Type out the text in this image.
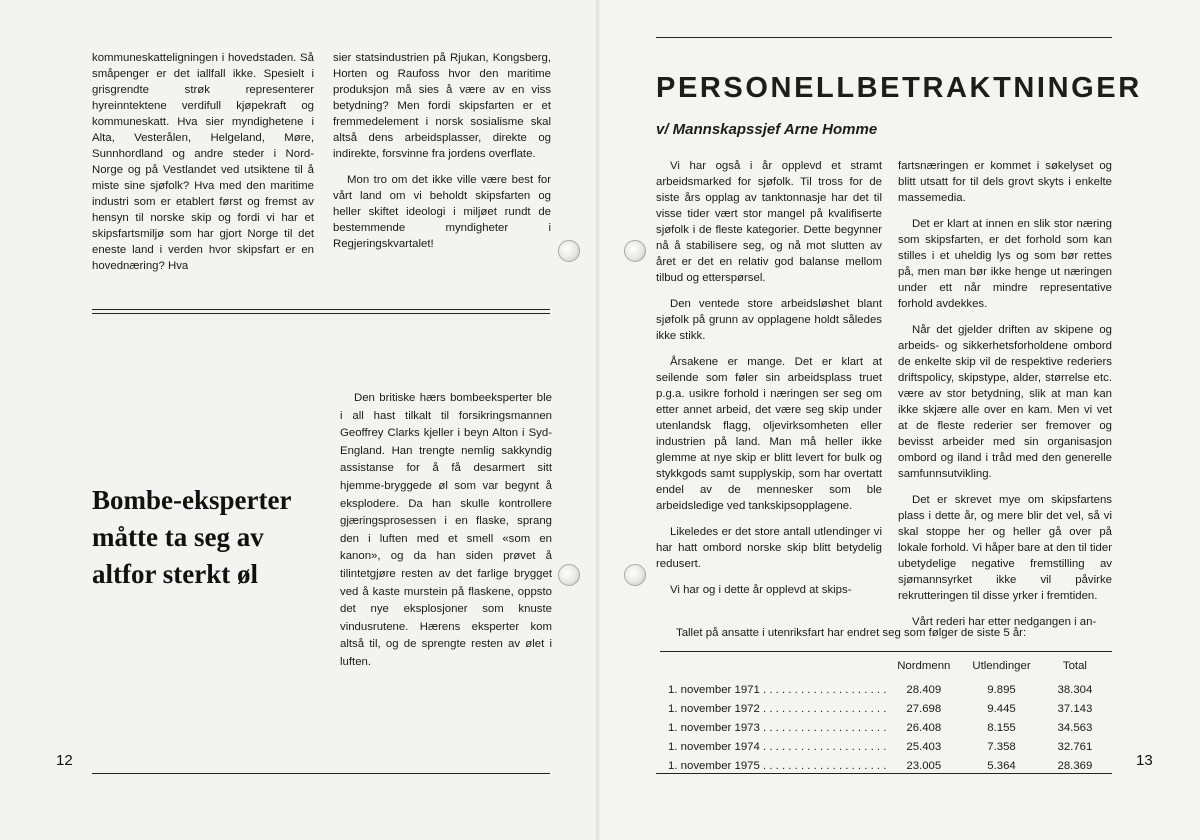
kommuneskatteligningen i hovedstaden. Så småpenger er det iallfall ikke. Spesielt i grisgrendte strøk representerer hyreinntektene verdifull kjøpekraft og kommuneskatt. Hva sier myndighetene i Alta, Vesterålen, Helgeland, Møre, Sunnhordland og andre steder i Nord-Norge og på Vestlandet ved utsiktene til å miste sine sjøfolk? Hva med den maritime industri som er etablert først og fremst av hensyn til norske skip og fordi vi har et skipsfartsmiljø som har gjort Norge til det eneste land i verden hvor skipsfart er en hovednæring? Hva

sier statsindustrien på Rjukan, Kongsberg, Horten og Raufoss hvor den maritime produksjon må sies å være av en viss betydning? Men fordi skipsfarten er et fremmedelement i norsk sosialisme skal altså dens arbeidsplasser, direkte og indirekte, forsvinne fra jordens overflate.

Mon tro om det ikke ville være best for vårt land om vi beholdt skipsfarten og heller skiftet ideologi i miljøet rundt de bestemmende myndigheter i Regjeringskvartalet!

Bombe-eksperter måtte ta seg av altfor sterkt øl

Den britiske hærs bombeeksperter ble i all hast tilkalt til forsikringsmannen Geoffrey Clarks kjeller i beyn Alton i Syd-England. Han trengte nemlig sakkyndig assistanse for å få desarmert sitt hjemme-bryggede øl som var begynt å eksplodere. Da han skulle kontrollere gjæringsprosessen i en flaske, sprang den i luften med et smell «som en kanon», og da han siden prøvet å tilintetgjøre resten av det farlige brygget ved å kaste murstein på flaskene, oppsto det nye eksplosjoner som knuste vindusrutene. Hærens eksperter kom altså til, og de sprengte resten av ølet i luften.

12
PERSONELLBETRAKTNINGER
v/ Mannskapssjef Arne Homme

Vi har også i år opplevd et stramt arbeidsmarked for sjøfolk. Til tross for de siste års opplag av tanktonnasje har det til visse tider vært stor mangel på kvalifiserte sjøfolk i de fleste kategorier. Dette begynner nå å stabilisere seg, og nå mot slutten av året er det en relativ god balanse mellom tilbud og etterspørsel.

Den ventede store arbeidsløshet blant sjøfolk på grunn av opplagene holdt således ikke stikk.

Årsakene er mange. Det er klart at seilende som føler sin arbeidsplass truet p.g.a. usikre forhold i næringen ser seg om etter annet arbeid, det være seg skip under utenlandsk flagg, oljevirksomheten eller industrien på land. Man må heller ikke glemme at nye skip er blitt levert for bulk og stykkgods samt supplyskip, som har overtatt endel av de mennesker som ble arbeidsledige ved tankskipsopplagene.

Likeledes er det store antall utlendinger vi har hatt ombord norske skip blitt betydelig redusert.

Vi har og i dette år opplevd at skips-

fartsnæringen er kommet i søkelyset og blitt utsatt for til dels grovt skyts i enkelte massemedia.

Det er klart at innen en slik stor næring som skipsfarten, er det forhold som kan stilles i et uheldig lys og som bør rettes på, men man bør ikke henge ut næringen under ett når mindre representative forhold avdekkes.

Når det gjelder driften av skipene og arbeids- og sikkerhetsforholdene ombord de enkelte skip vil de respektive rederiers driftspolicy, skipstype, alder, størrelse etc. være av stor betydning, slik at man kan ikke skjære alle over en kam. Men vi vet at de fleste rederier ser fremover og bevisst arbeider med sin organisasjon ombord og iland i tråd med den generelle samfunnsutvikling.

Det er skrevet mye om skipsfartens plass i dette år, og mere blir det vel, så vi skal stoppe her og heller gå over på lokale forhold. Vi håper bare at den til tider ubetydelige negative fremstilling av sjømannsyrket ikke vil påvirke rekrutteringen til disse yrker i fremtiden.

Vårt rederi har etter nedgangen i an-

Tallet på ansatte i utenriksfart har endret seg som følger de siste 5 år:
	Nordmenn	Utlendinger	Total

1. november 1971 . . . . . . . . . . . . . . . . . . . .	28.409	9.895	38.304
1. november 1972 . . . . . . . . . . . . . . . . . . . .	27.698	9.445	37.143
1. november 1973 . . . . . . . . . . . . . . . . . . . .	26.408	8.155	34.563
1. november 1974 . . . . . . . . . . . . . . . . . . . .	25.403	7.358	32.761
1. november 1975 . . . . . . . . . . . . . . . . . . . .	23.005	5.364	28.369	13
